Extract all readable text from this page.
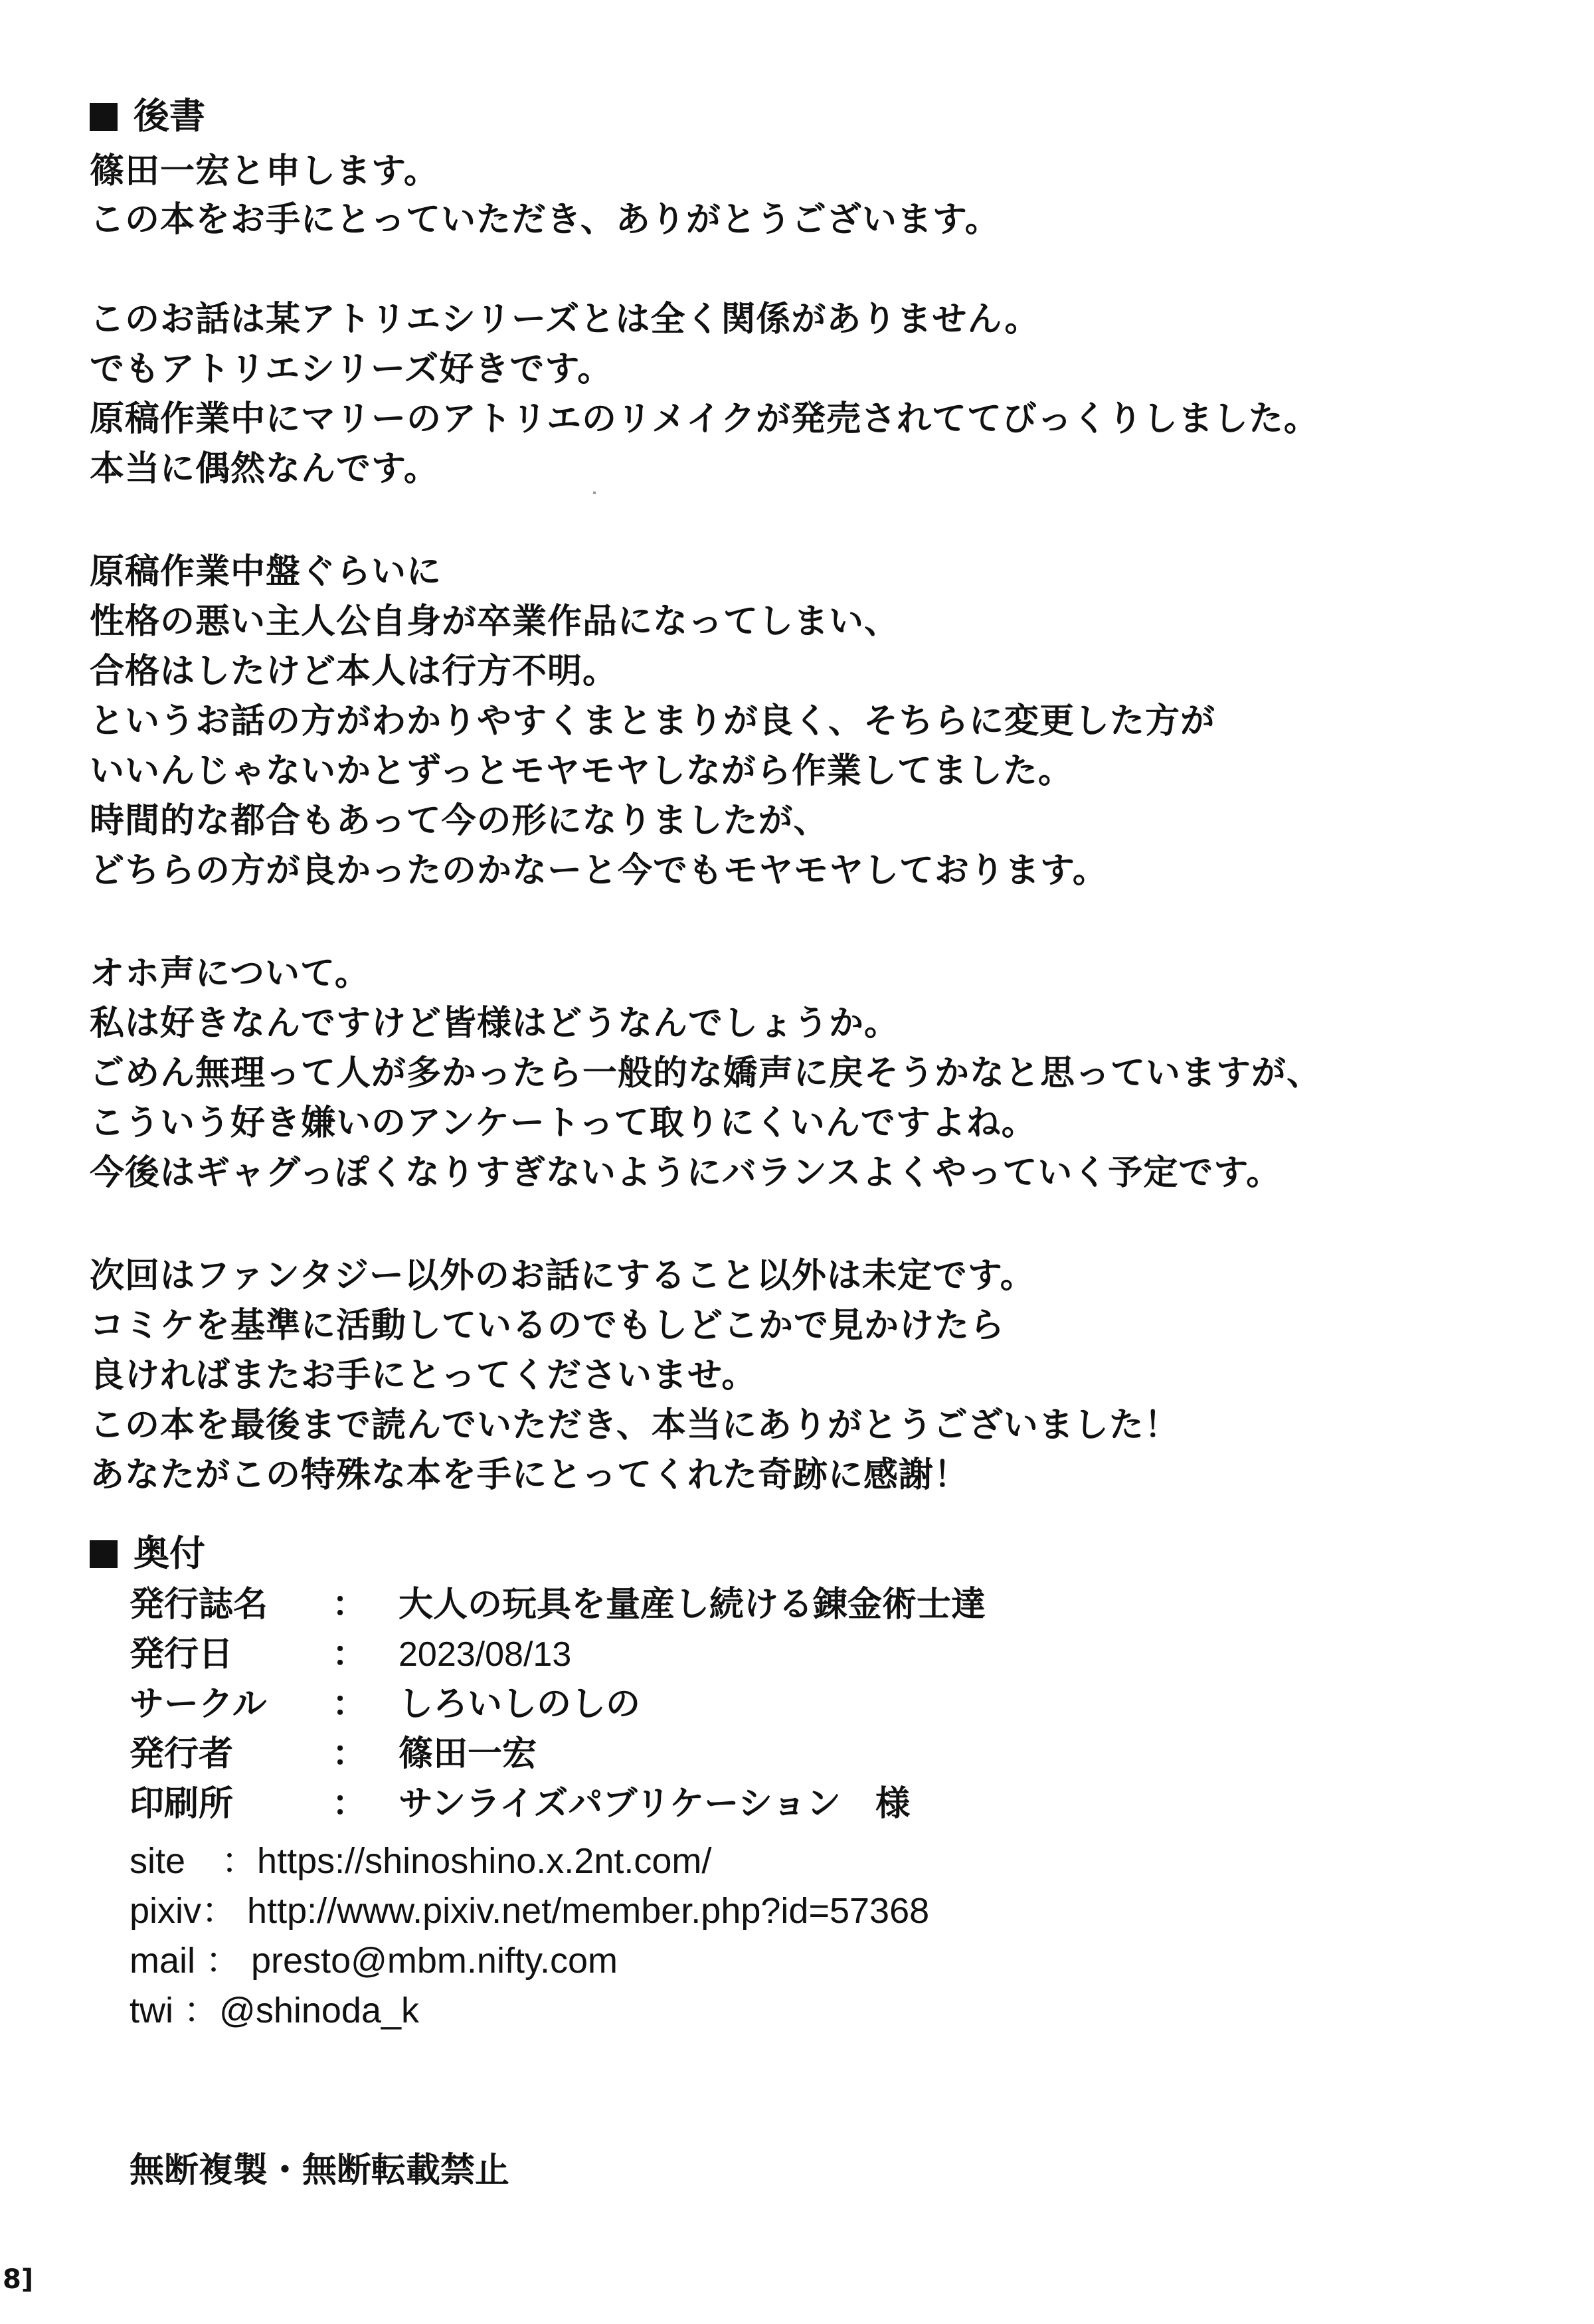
後書
篠田一宏と申します。
この本をお手にとっていただき、ありがとうございます。
このお話は某アトリエシリーズとは全く関係がありません。
でもアトリエシリーズ好きです。
原稿作業中にマリーのアトリエのリメイクが発売されててびっくりしました。
本当に偶然なんです。
原稿作業中盤ぐらいに
性格の悪い主人公自身が卒業作品になってしまい、
合格はしたけど本人は行方不明。
というお話の方がわかりやすくまとまりが良く、そちらに変更した方が
いいんじゃないかとずっとモヤモヤしながら作業してました。
時間的な都合もあって今の形になりましたが、
どちらの方が良かったのかなーと今でもモヤモヤしております。
オホ声について。
私は好きなんですけど皆様はどうなんでしょうか。
ごめん無理って人が多かったら一般的な嬌声に戻そうかなと思っていますが、
こういう好き嫌いのアンケートって取りにくいんですよね。
今後はギャグっぽくなりすぎないようにバランスよくやっていく予定です。
次回はファンタジー以外のお話にすること以外は未定です。
コミケを基準に活動しているのでもしどこかで見かけたら
良ければまたお手にとってくださいませ。
この本を最後まで読んでいただき、本当にありがとうございました！
あなたがこの特殊な本を手にとってくれた奇跡に感謝！
奥付
発行誌名 ： 大人の玩具を量産し続ける錬金術士達
発行日	： 2023/08/13
サークル ： しろいしのしの
発行者	： 篠田一宏
印刷所	： サンライズパブリケーション　様
site　：https://shinoshino.x.2nt.com/
pixiv： http://www.pixiv.net/member.php?id=57368
mail ： presto@mbm.nifty.com
twi ：@shinoda_k
無断複製・無断転載禁止
8]
